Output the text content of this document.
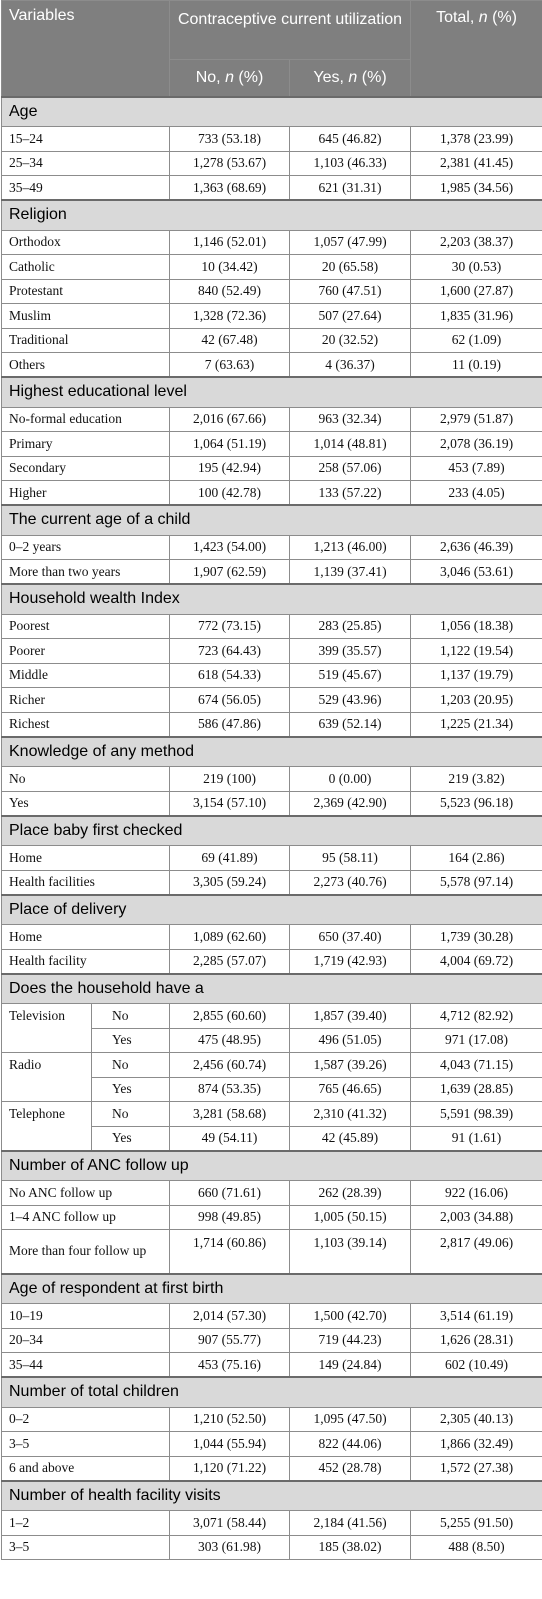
Variables		Contraceptive current utilization		Total, n (%)
		No, n (%)	Yes, n (%)	
Age				
15–24		733 (53.18)	645 (46.82)	1,378 (23.99)
25–34		1,278 (53.67)	1,103 (46.33)	2,381 (41.45)
35–49		1,363 (68.69)	621 (31.31)	1,985 (34.56)
Religion				
Orthodox		1,146 (52.01)	1,057 (47.99)	2,203 (38.37)
Catholic		10 (34.42)	20 (65.58)	30 (0.53)
Protestant		840 (52.49)	760 (47.51)	1,600 (27.87)
Muslim		1,328 (72.36)	507 (27.64)	1,835 (31.96)
Traditional		42 (67.48)	20 (32.52)	62 (1.09)
Others		7 (63.63)	4 (36.37)	11 (0.19)
Highest educational level				
No-formal education		2,016 (67.66)	963 (32.34)	2,979 (51.87)
Primary		1,064 (51.19)	1,014 (48.81)	2,078 (36.19)
Secondary		195 (42.94)	258 (57.06)	453 (7.89)
Higher		100 (42.78)	133 (57.22)	233 (4.05)
The current age of a child				
0–2 years		1,423 (54.00)	1,213 (46.00)	2,636 (46.39)
More than two years		1,907 (62.59)	1,139 (37.41)	3,046 (53.61)
Household wealth Index				
Poorest		772 (73.15)	283 (25.85)	1,056 (18.38)
Poorer		723 (64.43)	399 (35.57)	1,122 (19.54)
Middle		618 (54.33)	519 (45.67)	1,137 (19.79)
Richer		674 (56.05)	529 (43.96)	1,203 (20.95)
Richest		586 (47.86)	639 (52.14)	1,225 (21.34)
Knowledge of any method				
No		219 (100)	0 (0.00)	219 (3.82)
Yes		3,154 (57.10)	2,369 (42.90)	5,523 (96.18)
Place baby first checked				
Home		69 (41.89)	95 (58.11)	164 (2.86)
Health facilities		3,305 (59.24)	2,273 (40.76)	5,578 (97.14)
Place of delivery				
Home		1,089 (62.60)	650 (37.40)	1,739 (30.28)
Health facility		2,285 (57.07)	1,719 (42.93)	4,004 (69.72)
Does the household have a				
Television	No	2,855 (60.60)	1,857 (39.40)	4,712 (82.92)
	Yes	475 (48.95)	496 (51.05)	971 (17.08)
Radio	No	2,456 (60.74)	1,587 (39.26)	4,043 (71.15)
	Yes	874 (53.35)	765 (46.65)	1,639 (28.85)
Telephone	No	3,281 (58.68)	2,310 (41.32)	5,591 (98.39)
	Yes	49 (54.11)	42 (45.89)	91 (1.61)
Number of ANC follow up				
No ANC follow up		660 (71.61)	262 (28.39)	922 (16.06)
1–4 ANC follow up		998 (49.85)	1,005 (50.15)	2,003 (34.88)
More than four follow up		1,714 (60.86)	1,103 (39.14)	2,817 (49.06)
Age of respondent at first birth				
10–19		2,014 (57.30)	1,500 (42.70)	3,514 (61.19)
20–34		907 (55.77)	719 (44.23)	1,626 (28.31)
35–44		453 (75.16)	149 (24.84)	602 (10.49)
Number of total children				
0–2		1,210 (52.50)	1,095 (47.50)	2,305 (40.13)
3–5		1,044 (55.94)	822 (44.06)	1,866 (32.49)
6 and above		1,120 (71.22)	452 (28.78)	1,572 (27.38)
Number of health facility visits				
1–2		3,071 (58.44)	2,184 (41.56)	5,255 (91.50)
3–5		303 (61.98)	185 (38.02)	488 (8.50)
